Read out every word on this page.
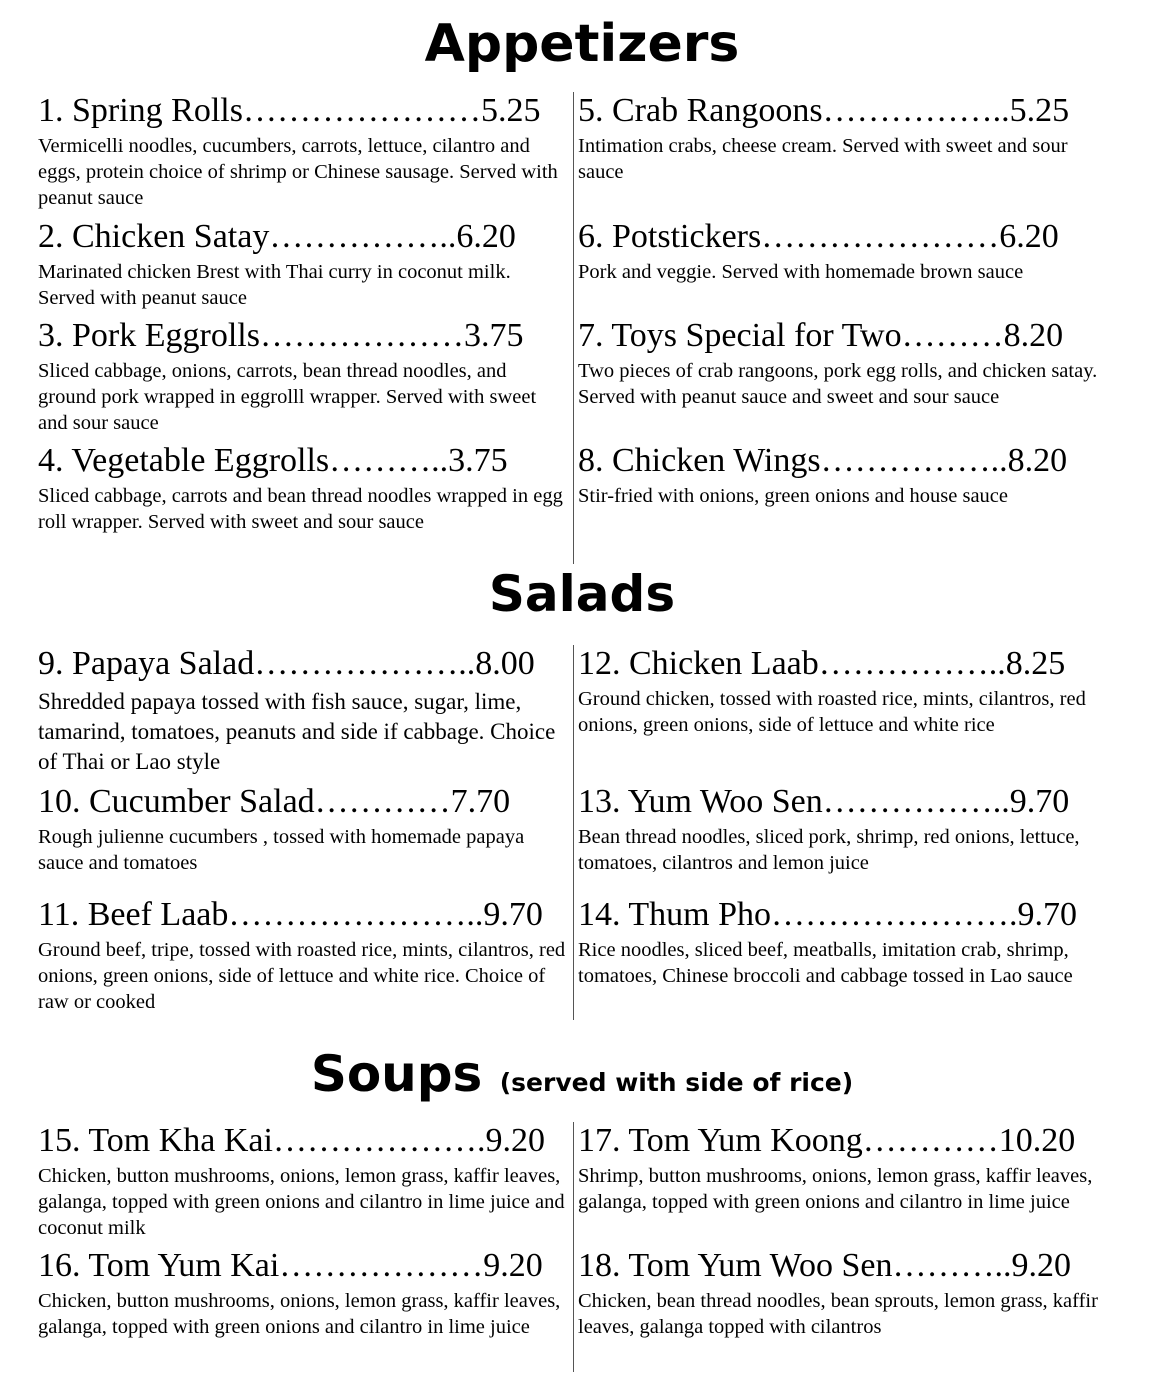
Appetizers
1. Spring Rolls…………………5.25
Vermicelli noodles, cucumbers, carrots, lettuce, cilantro and eggs, protein choice of shrimp or Chinese sausage. Served with peanut sauce
2. Chicken Satay……………..6.20
Marinated chicken Brest with Thai curry in coconut milk. Served with peanut sauce
3. Pork Eggrolls………………3.75
Sliced cabbage, onions, carrots, bean thread noodles, and ground pork wrapped in eggrolll wrapper. Served with sweet and sour sauce
4. Vegetable Eggrolls………..3.75
Sliced cabbage, carrots and bean thread noodles wrapped in egg roll wrapper. Served with sweet and sour sauce
5. Crab Rangoons……………..5.25
Intimation crabs, cheese cream. Served with sweet and sour sauce
6. Potstickers…………………6.20
Pork and veggie. Served with homemade brown sauce
7. Toys Special for Two………8.20
Two pieces of crab rangoons, pork egg rolls, and chicken satay. Served with peanut sauce and sweet and sour sauce
8. Chicken Wings……………..8.20
Stir-fried with onions, green onions and house sauce
Salads
9. Papaya Salad………………..8.00
Shredded papaya tossed with fish sauce, sugar, lime, tamarind, tomatoes, peanuts and side if cabbage. Choice of Thai or Lao style
10. Cucumber Salad…………7.70
Rough julienne cucumbers , tossed with homemade papaya sauce and tomatoes
11. Beef Laab…………………..9.70
Ground beef, tripe, tossed with roasted rice, mints, cilantros, red onions, green onions, side of lettuce and white rice. Choice of raw or cooked
12. Chicken Laab……………..8.25
Ground chicken, tossed with roasted rice, mints, cilantros, red onions, green onions, side of lettuce and white rice
13. Yum Woo Sen……………..9.70
Bean thread noodles, sliced pork, shrimp, red onions, lettuce, tomatoes, cilantros and lemon juice
14. Thum Pho………………….9.70
Rice noodles, sliced beef, meatballs, imitation crab, shrimp, tomatoes, Chinese broccoli and cabbage tossed in Lao sauce
Soups (served with side of rice)
15. Tom Kha Kai……………….9.20
Chicken, button mushrooms, onions, lemon grass, kaffir leaves, galanga, topped with green onions and cilantro in lime juice and coconut milk
16. Tom Yum Kai………………9.20
Chicken, button mushrooms, onions, lemon grass, kaffir leaves, galanga, topped with green onions and cilantro in lime juice
17. Tom Yum Koong…………10.20
Shrimp, button mushrooms, onions, lemon grass, kaffir leaves, galanga, topped with green onions and cilantro in lime juice
18. Tom Yum Woo Sen………..9.20
Chicken, bean thread noodles, bean sprouts, lemon grass, kaffir leaves, galanga topped with cilantros
